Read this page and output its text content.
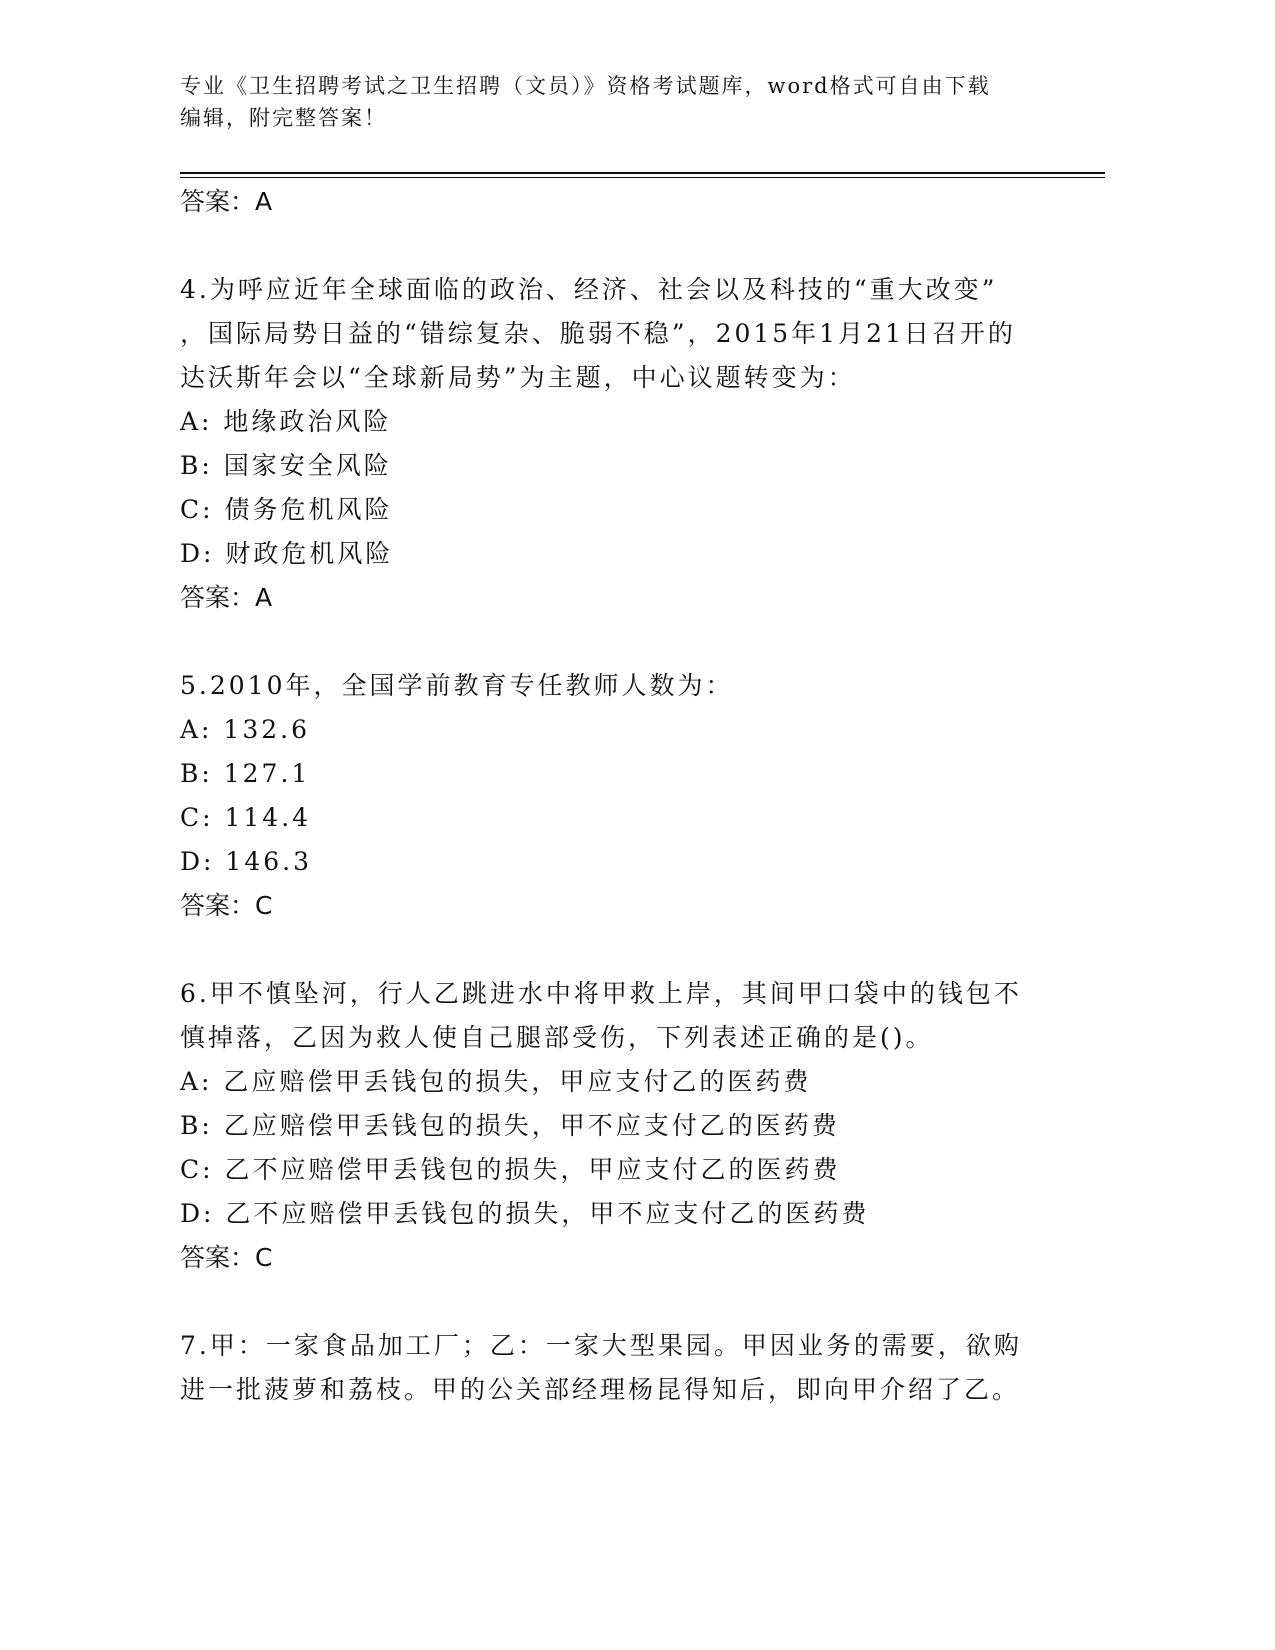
专业《卫生招聘考试之卫生招聘（文员）》资格考试题库，word格式可自由下载
编辑，附完整答案！
答案：A
4.为呼应近年全球面临的政治、经济、社会以及科技的“重大改变”
，国际局势日益的“错综复杂、脆弱不稳”，2015年1月21日召开的
达沃斯年会以“全球新局势”为主题，中心议题转变为：
A: 地缘政治风险
B: 国家安全风险
C: 债务危机风险
D: 财政危机风险
答案：A
5.2010年，全国学前教育专任教师人数为：
A: 132.6
B: 127.1
C: 114.4
D: 146.3
答案：C
6.甲不慎坠河，行人乙跳进水中将甲救上岸，其间甲口袋中的钱包不
慎掉落，乙因为救人使自己腿部受伤，下列表述正确的是()。
A: 乙应赔偿甲丢钱包的损失，甲应支付乙的医药费
B: 乙应赔偿甲丢钱包的损失，甲不应支付乙的医药费
C: 乙不应赔偿甲丢钱包的损失，甲应支付乙的医药费
D: 乙不应赔偿甲丢钱包的损失，甲不应支付乙的医药费
答案：C
7.甲：一家食品加工厂；乙：一家大型果园。甲因业务的需要，欲购
进一批菠萝和荔枝。甲的公关部经理杨昆得知后，即向甲介绍了乙。
